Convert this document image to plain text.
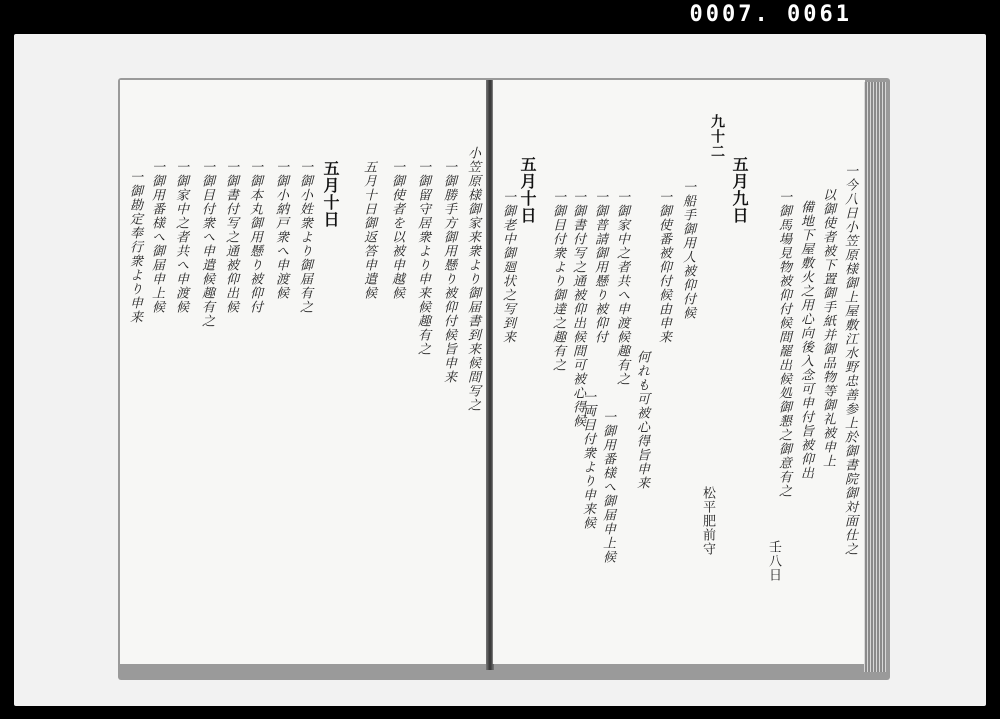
0007. 0061
五月十日	小笠原様御家来衆より御届書到来候間写之
一御勝手方御用懸り被仰付候旨申来
一御留守居衆より申来候趣有之
一御使者を以被申越候
五月十日御返答申遣候
一御小姓衆より御届有之
一御小納戸衆へ申渡候
一御本丸御用懸り被仰付
一御書付写之通被仰出候
一御目付衆へ申遣候趣有之
一御家中之者共へ申渡候
一御用番様へ御届申上候
一御勘定奉行衆より申来
九十二
五月九日
五月十日	一今八日小笠原様御上屋敷江水野忠善参上於御書院御対面仕之
以御使者被下置御手紙并御品物等御礼被申上
備地下屋敷火之用心向後入念可申付旨被仰出
一御馬場見物被仰付候間罷出候処御懇之御意有之
壬八日
松平肥前守
一船手御用人被仰付候
一御使番被仰付候由申来
何れも可被心得旨申来
一御家中之者共へ申渡候趣有之
一御普請御用懸り被仰付
一御書付写之通被仰出候間可被心得候
一御目付衆より御達之趣有之
一両目付衆より申来候 一御用番様へ御届申上候
一御老中御廻状之写到来
